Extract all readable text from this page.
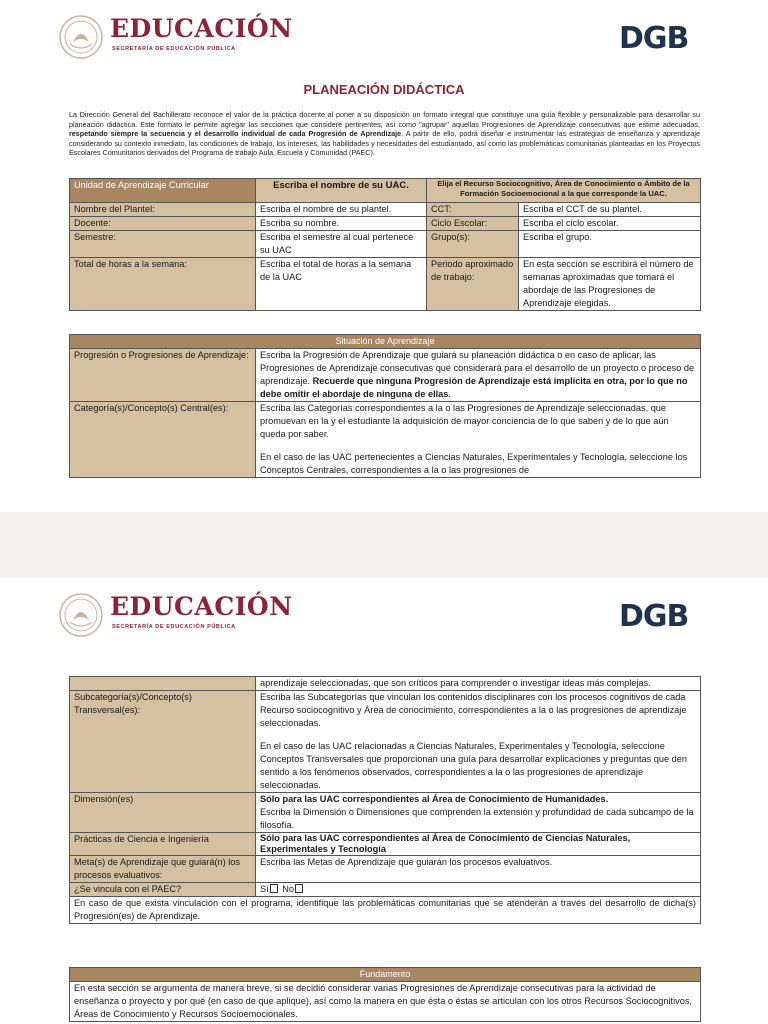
EDUCACIÓN
SECRETARÍA DE EDUCACIÓN PÚBLICA	DGB
PLANEACIÓN DIDÁCTICA
La Dirección General del Bachillerato reconoce el valor de la práctica docente al poner a su disposición un formato integral que constituye una guía flexible y personalizable para desarrollar su planeación didáctica. Este formato le permite agregar las secciones que considere pertinentes, así como "agrupar" aquellas Progresiones de Aprendizaje consecutivas que estime adecuadas, respetando siempre la secuencia y el desarrollo individual de cada Progresión de Aprendizaje. A partir de ello, podrá diseñar e instrumentar las estrategias de enseñanza y aprendizaje considerando su contexto inmediato, las condiciones de trabajo, los intereses, las habilidades y necesidades del estudiantado, así como las problemáticas comunitarias planteadas en los Proyectos Escolares Comunitarios derivados del Programa de trabajo Aula, Escuela y Comunidad (PAEC).
Unidad de Aprendizaje Curricular	Escriba el nombre de su UAC.	Elija el Recurso Sociocognitivo, Área de Conocimiento o Ámbito de la Formación Socioemocional a la que corresponde la UAC.	
Nombre del Plantel:	Escriba el nombre de su plantel.	CCT:	Escriba el CCT de su plantel.
Docente:	Escriba su nombre.	Ciclo Escolar:	Escriba el ciclo escolar.
Semestre:	Escriba el semestre al cual pertenece su UAC	Grupo(s):	Escriba el grupo.
Total de horas a la semana:	Escriba el total de horas a la semana de la UAC	Periodo aproximado de trabajo:	En esta sección se escribirá el número de semanas aproximadas que tomará el abordaje de las Progresiones de Aprendizaje elegidas.
Situación de Aprendizaje	
Progresión o Progresiones de Aprendizaje:	Escriba la Progresión de Aprendizaje que guiará su planeación didáctica o en caso de aplicar, las Progresiones de Aprendizaje consecutivas que considerará para el desarrollo de un proyecto o proceso de aprendizaje. Recuerde que ninguna Progresión de Aprendizaje está implícita en otra, por lo que no debe omitir el abordaje de ninguna de ellas.
Categoría(s)/Concepto(s) Central(es):	Escriba las Categorías correspondientes a la o las Progresiones de Aprendizaje seleccionadas, que promuevan en la y el estudiante la adquisición de mayor conciencia de lo que saben y de lo que aún queda por saber.
En el caso de las UAC pertenecientes a Ciencias Naturales, Experimentales y Tecnología, seleccione los Conceptos Centrales, correspondientes a la o las progresiones de
EDUCACIÓN
SECRETARÍA DE EDUCACIÓN PÚBLICA	DGB
	aprendizaje seleccionadas, que son críticos para comprender o investigar ideas más complejas.
Subcategoría(s)/Concepto(s) Transversal(es):	Escriba las Subcategorías que vinculan los contenidos disciplinares con los procesos cognitivos de cada Recurso sociocognitivo y Área de conocimiento, correspondientes a la o las progresiones de aprendizaje seleccionadas.
En el caso de las UAC relacionadas a Ciencias Naturales, Experimentales y Tecnología, seleccione Conceptos Transversales que proporcionan una guía para desarrollar explicaciones y preguntas que den sentido a los fenómenos observados, correspondientes a la o las progresiones de aprendizaje seleccionadas.

Dimensión(es)	Sólo para las UAC correspondientes al Área de Conocimiento de Humanidades.
Escriba la Dimensión o Dimensiones que comprenden la extensión y profundidad de cada subcampo de la filosofía.

Prácticas de Ciencia e Ingeniería	Sólo para las UAC correspondientes al Área de Conocimiento de Ciencias Naturales, Experimentales y Tecnología
Meta(s) de Aprendizaje que guiará(n) los procesos evaluativos:	Escriba las Metas de Aprendizaje que guiarán los procesos evaluativos.
¿Se vincula con el PAEC?	Sí No
En caso de que exista vinculación con el programa, identifique las problemáticas comunitarias que se atenderán a través del desarrollo de dicha(s) Progresión(es) de Aprendizaje.	
Fundamento
En esta sección se argumenta de manera breve, si se decidió considerar varias Progresiones de Aprendizaje consecutivas para la actividad de enseñanza o proyecto y por qué (en caso de que aplique), así como la manera en que ésta o éstas se articulan con los otros Recursos Sociocognitivos, Áreas de Conocimiento y Recursos Socioemocionales.
